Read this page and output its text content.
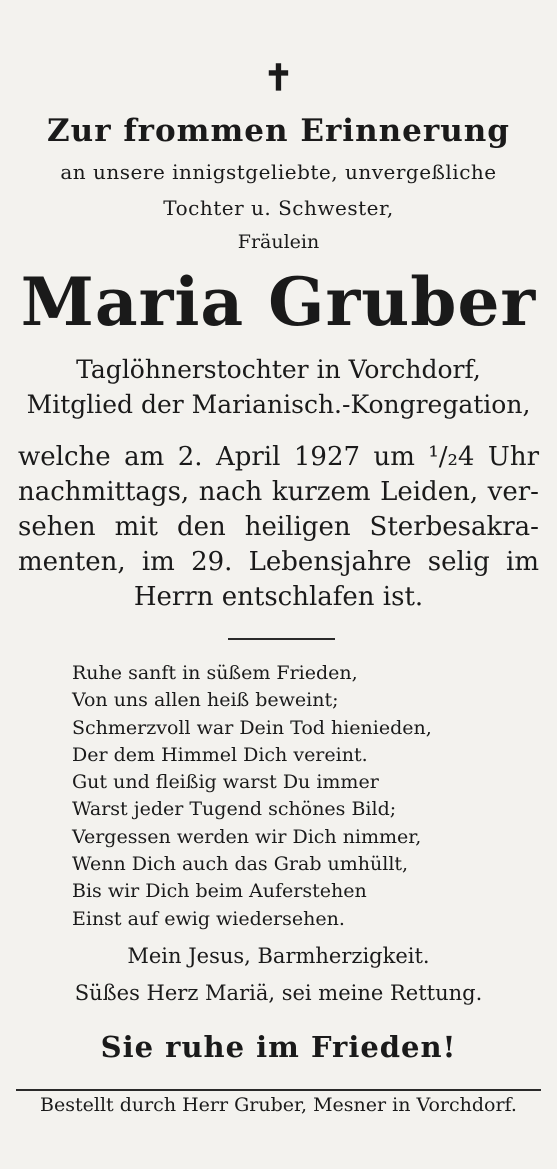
✝
Zur frommen Erinnerung
an unsere innigstgeliebte, unvergeßliche
Tochter u. Schwester,
Fräulein
Maria Gruber
Taglöhnerstochter in Vorchdorf,
Mitglied der Marianisch.-Kongregation,
welche am 2. April 1927 um ¹/₂4 Uhr
nachmittags, nach kurzem Leiden, ver-
sehen mit den heiligen Sterbesakra-
menten, im 29. Lebensjahre selig im
Herrn entschlafen ist.
Ruhe sanft in süßem Frieden,
Von uns allen heiß beweint;
Schmerzvoll war Dein Tod hienieden,
Der dem Himmel Dich vereint.
Gut und fleißig warst Du immer
Warst jeder Tugend schönes Bild;
Vergessen werden wir Dich nimmer,
Wenn Dich auch das Grab umhüllt,
Bis wir Dich beim Auferstehen
Einst auf ewig wiedersehen.
Mein Jesus, Barmherzigkeit.
Süßes Herz Mariä, sei meine Rettung.
Sie ruhe im Frieden!
Bestellt durch Herr Gruber, Mesner in Vorchdorf.
